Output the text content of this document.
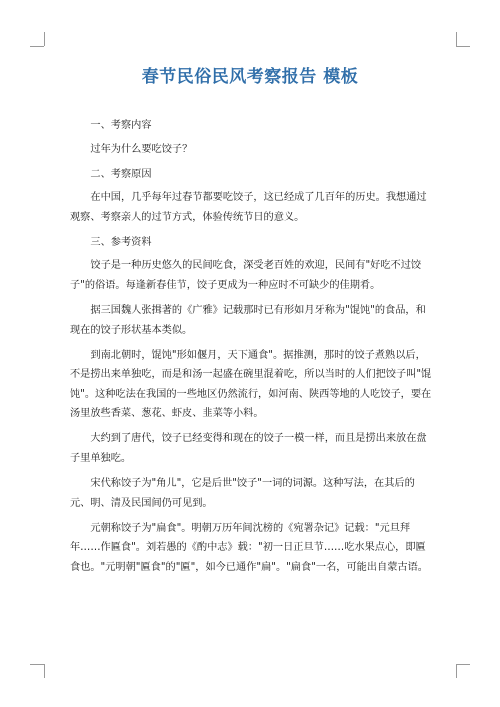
春节民俗民风考察报告 模板

一、考察内容

过年为什么要吃饺子？

二、考察原因

在中国，几乎每年过春节都要吃饺子，这已经成了几百年的历史。我想通过观察、考察亲人的过节方式，体验传统节日的意义。

三、参考资料

饺子是一种历史悠久的民间吃食，深受老百姓的欢迎，民间有"好吃不过饺子"的俗语。每逢新春佳节，饺子更成为一种应时不可缺少的佳期肴。

据三国魏人张揖著的《广雅》记载那时已有形如月牙称为"馄饨"的食品，和现在的饺子形状基本类似。

到南北朝时，馄饨"形如偃月，天下通食"。据推测，那时的饺子煮熟以后，不是捞出来单独吃，而是和汤一起盛在碗里混着吃，所以当时的人们把饺子叫"馄饨"。这种吃法在我国的一些地区仍然流行，如河南、陕西等地的人吃饺子，要在汤里放些香菜、葱花、虾皮、韭菜等小料。

大约到了唐代，饺子已经变得和现在的饺子一模一样，而且是捞出来放在盘子里单独吃。

宋代称饺子为"角儿"，它是后世"饺子"一词的词源。这种写法，在其后的元、明、清及民国间仍可见到。

元朝称饺子为"扁食"。明朝万历年间沈榜的《宛署杂记》记载："元旦拜年……作匾食"。刘若愚的《酌中志》载："初一日正旦节……吃水果点心，即匾食也。"元明朝"匾食"的"匾"，如今已通作"扁"。"扁食"一名，可能出自蒙古语。
